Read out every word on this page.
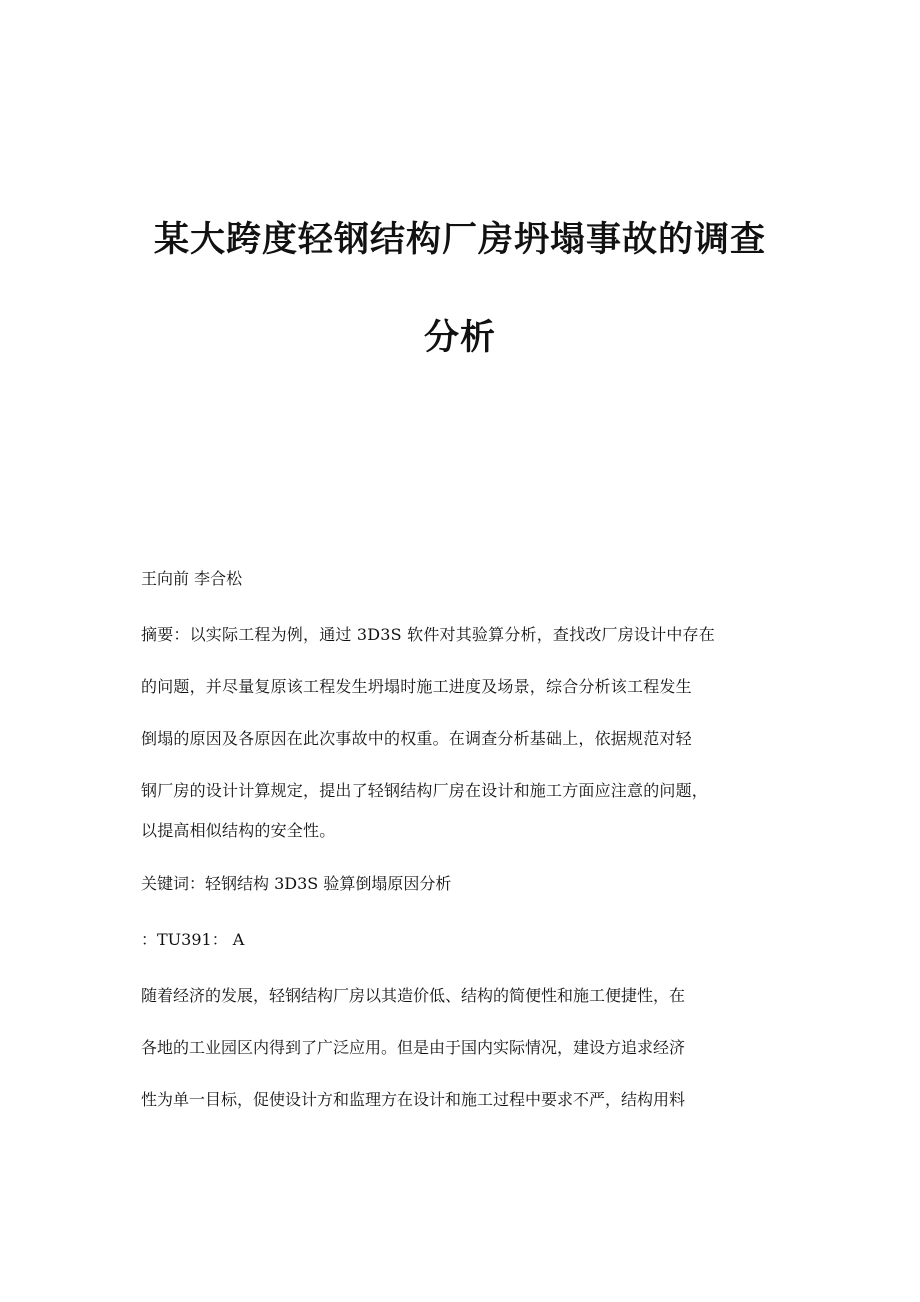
某大跨度轻钢结构厂房坍塌事故的调查
分析
王向前 李合松
摘要：以实际工程为例，通过 3D3S 软件对其验算分析，查找改厂房设计中存在
的问题，并尽量复原该工程发生坍塌时施工进度及场景，综合分析该工程发生
倒塌的原因及各原因在此次事故中的权重。在调查分析基础上，依据规范对轻
钢厂房的设计计算规定，提出了轻钢结构厂房在设计和施工方面应注意的问题，
以提高相似结构的安全性。
关键词：轻钢结构 3D3S 验算倒塌原因分析
：TU391： A
随着经济的发展，轻钢结构厂房以其造价低、结构的简便性和施工便捷性，在
各地的工业园区内得到了广泛应用。但是由于国内实际情况，建设方追求经济
性为单一目标，促使设计方和监理方在设计和施工过程中要求不严，结构用料
